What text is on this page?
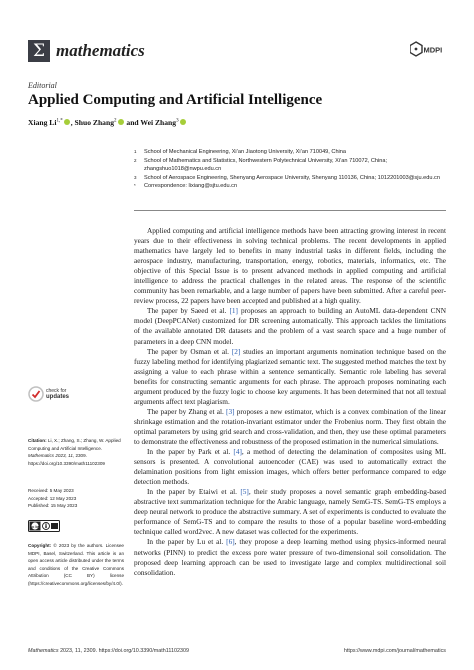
Σ mathematics	MDPI
Editorial
Applied Computing and Artificial Intelligence
Xiang $Li^{1,*}$ , Shuo Zhang$^2$ and Wei Zhang$^3$
1	School of Mechanical Engineering, Xi’an Jiaotong University, Xi’an 710049, China
2	School of Mathematics and Statistics, Northwestern Polytechnical University, Xi’an 710072, China; zhangshuo1018@nwpu.edu.cn
3	School of Aerospace Engineering, Shenyang Aerospace University, Shenyang 110136, China; 1012201003@sju.edu.cn
*	Correspondence: lixiang@sjtu.edu.cn

Applied computing and artificial intelligence methods have been attracting growing interest in recent years due to their effectiveness in solving technical problems. The recent developments in applied mathematics have largely led to benefits in many industrial tasks in different fields, including the aerospace industry, manufacturing, transportation, energy, robotics, materials, informatics, etc. The objective of this Special Issue is to present advanced methods in applied computing and artificial intelligence to address the practical challenges in the related areas. The response of the scientific community has been remarkable, and a large number of papers have been submitted. After a careful peer-review process, 22 papers have been accepted and published at a high quality.

The paper by Saeed et al. [1] proposes an approach to building an AutoML data-dependent CNN model (DeepPCANet) customized for DR screening automatically. This approach tackles the limitations of the available annotated DR datasets and the problem of a vast search space and a huge number of parameters in a deep CNN model.

The paper by Osman et al. [2] studies an important arguments nomination technique based on the fuzzy labeling method for identifying plagiarized semantic text. The suggested method matches the text by assigning a value to each phrase within a sentence semantically. Semantic role labeling has several benefits for constructing semantic arguments for each phrase. The approach proposes nominating each argument produced by the fuzzy logic to choose key arguments. It has been determined that not all textual arguments affect text plagiarism.

The paper by Zhang et al. [3] proposes a new estimator, which is a convex combination of the linear shrinkage estimation and the rotation-invariant estimator under the Frobenius norm. They first obtain the optimal parameters by using grid search and cross-validation, and then, they use these optimal parameters to demonstrate the effectiveness and robustness of the proposed estimation in the numerical simulations.

In the paper by Park et al. [4], a method of detecting the delamination of composites using ML sensors is presented. A convolutional autoencoder (CAE) was used to automatically extract the delamination positions from light emission images, which offers better performance compared to edge detection methods.

In the paper by Etaiwi et al. [5], their study proposes a novel semantic graph embedding-based abstractive text summarization technique for the Arabic language, namely SemG-TS. SemG-TS employs a deep neural network to produce the abstractive summary. A set of experiments is conducted to evaluate the performance of SemG-TS and to compare the results to those of a popular baseline word-embedding technique called word2vec. A new dataset was collected for the experiments.

In the paper by Lu et al. [6], they propose a deep learning method using physics-informed neural networks (PINN) to predict the excess pore water pressure of two-dimensional soil consolidation. The proposed deep learning approach can be used to investigate large and complex multidirectional soil consolidation.

check for
updates
Citation: Li, X.; Zhang, S.; Zhang, W. Applied Computing and Artificial Intelligence. Mathematics 2023, 11, 2309. https://doi.org/10.3390/math11102309
Received: 5 May 2023
Accepted: 12 May 2023
Published: 15 May 2023
cc by
Copyright: © 2023 by the authors. Licensee MDPI, Basel, Switzerland. This article is an open access article distributed under the terms and conditions of the Creative Commons Attribution (CC BY) license (https://creativecommons.org/licenses/by/4.0/).
Mathematics 2023, 11, 2309. https://doi.org/10.3390/math11102309	https://www.mdpi.com/journal/mathematics
